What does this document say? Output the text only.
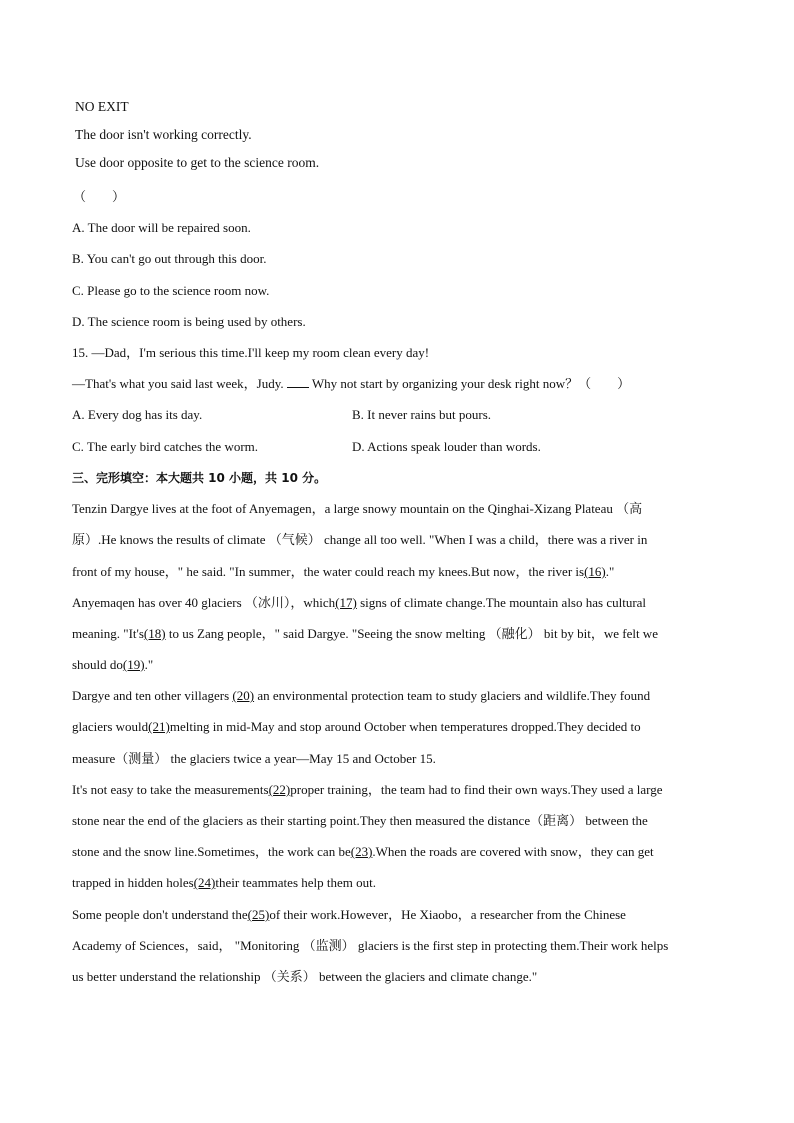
NO EXIT
The door isn't working correctly.
Use door opposite to get to the science room.
（　　）
A. The door will be repaired soon.
B. You can't go out through this door.
C. Please go to the science room now.
D. The science room is being used by others.
15. —Dad，I'm serious this time.I'll keep my room clean every day!
—That's what you said last week，Judy.  Why not start by organizing your desk right now？（　　）
A. Every dog has its day.	B. It never rains but pours.
C. The early bird catches the worm.	D. Actions speak louder than words.
三、完形填空：本大题共 10 小题，共 10 分。
Tenzin Dargye lives at the foot of Anyemagen，a large snowy mountain on the Qinghai-Xizang Plateau （高
原）.He knows the results of climate （气候） change all too well. "When I was a child，there was a river in
front of my house，" he said. "In summer，the water could reach my knees.But now，the river is(16)."
Anyemaqen has over 40 glaciers （冰川），which(17) signs of climate change.The mountain also has cultural
meaning. "It's(18) to us Zang people，" said Dargye. "Seeing the snow melting （融化） bit by bit，we felt we
should do(19)."
Dargye and ten other villagers (20) an environmental protection team to study glaciers and wildlife.They found
glaciers would(21)melting in mid-May and stop around October when temperatures dropped.They decided to
measure（测量） the glaciers twice a year—May 15 and October 15.
It's not easy to take the measurements(22)proper training，the team had to find their own ways.They used a large
stone near the end of the glaciers as their starting point.They then measured the distance（距离） between the
stone and the snow line.Sometimes，the work can be(23).When the roads are covered with snow，they can get
trapped in hidden holes(24)their teammates help them out.
Some people don't understand the(25)of their work.However，He Xiaobo，a researcher from the Chinese
Academy of Sciences，said， "Monitoring （监测） glaciers is the first step in protecting them.Their work helps
us better understand the relationship （关系） between the glaciers and climate change."
